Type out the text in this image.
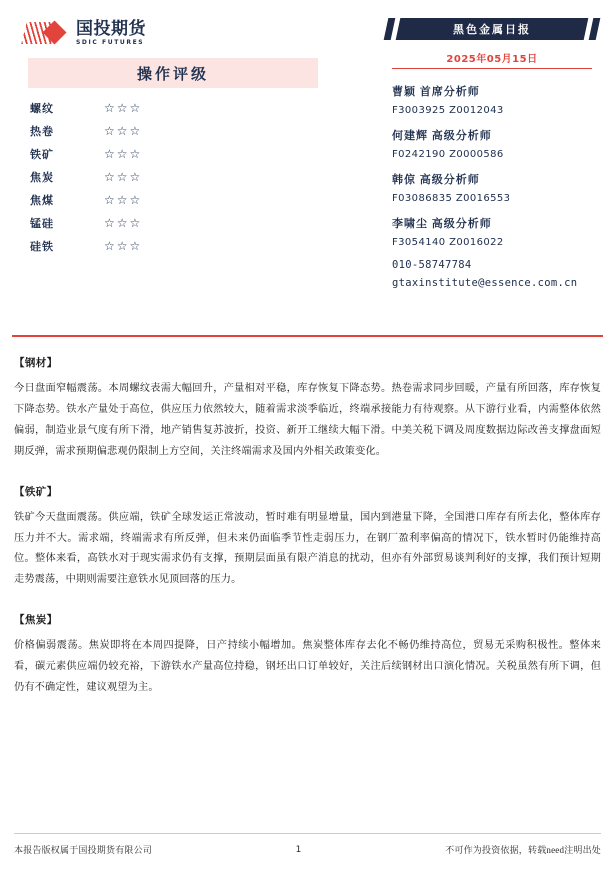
国投期货
SDIC FUTURES
操作评级
螺纹	☆☆☆
热卷	☆☆☆
铁矿	☆☆☆
焦炭	☆☆☆
焦煤	☆☆☆
锰硅	☆☆☆
硅铁	☆☆☆
黑色金属日报
2025年05月15日
曹颖 首席分析师
F3003925 Z0012043
何建辉 高级分析师
F0242190 Z0000586
韩倞 高级分析师
F03086835 Z0016553
李啸尘 高级分析师
F3054140 Z0016022
010-58747784
gtaxinstitute@essence.com.cn
【钢材】
今日盘面窄幅震荡。本周螺纹表需大幅回升，产量相对平稳，库存恢复下降态势。热卷需求同步回暖，产量有所回落，库存恢复下降态势。铁水产量处于高位，供应压力依然较大，随着需求淡季临近，终端承接能力有待观察。从下游行业看，内需整体依然偏弱，制造业景气度有所下滑，地产销售复苏波折，投资、新开工继续大幅下滑。中美关税下调及周度数据边际改善支撑盘面短期反弹，需求预期偏悲观仍限制上方空间，关注终端需求及国内外相关政策变化。
【铁矿】
铁矿今天盘面震荡。供应端，铁矿全球发运正常波动，暂时难有明显增量，国内到港量下降，全国港口库存有所去化，整体库存压力并不大。需求端，终端需求有所反弹，但未来仍面临季节性走弱压力，在钢厂盈利率偏高的情况下，铁水暂时仍能维持高位。整体来看，高铁水对于现实需求仍有支撑，预期层面虽有限产消息的扰动，但亦有外部贸易谈判利好的支撑，我们预计短期走势震荡，中期则需要注意铁水见顶回落的压力。
【焦炭】
价格偏弱震荡。焦炭即将在本周四提降，日产持续小幅增加。焦炭整体库存去化不畅仍维持高位，贸易无采购积极性。整体来看，碳元素供应端仍较充裕，下游铁水产量高位持稳，钢坯出口订单较好，关注后续钢材出口演化情况。关税虽然有所下调，但仍有不确定性，建议观望为主。
本报告版权属于国投期货有限公司	1	不可作为投资依据，转载need注明出处
